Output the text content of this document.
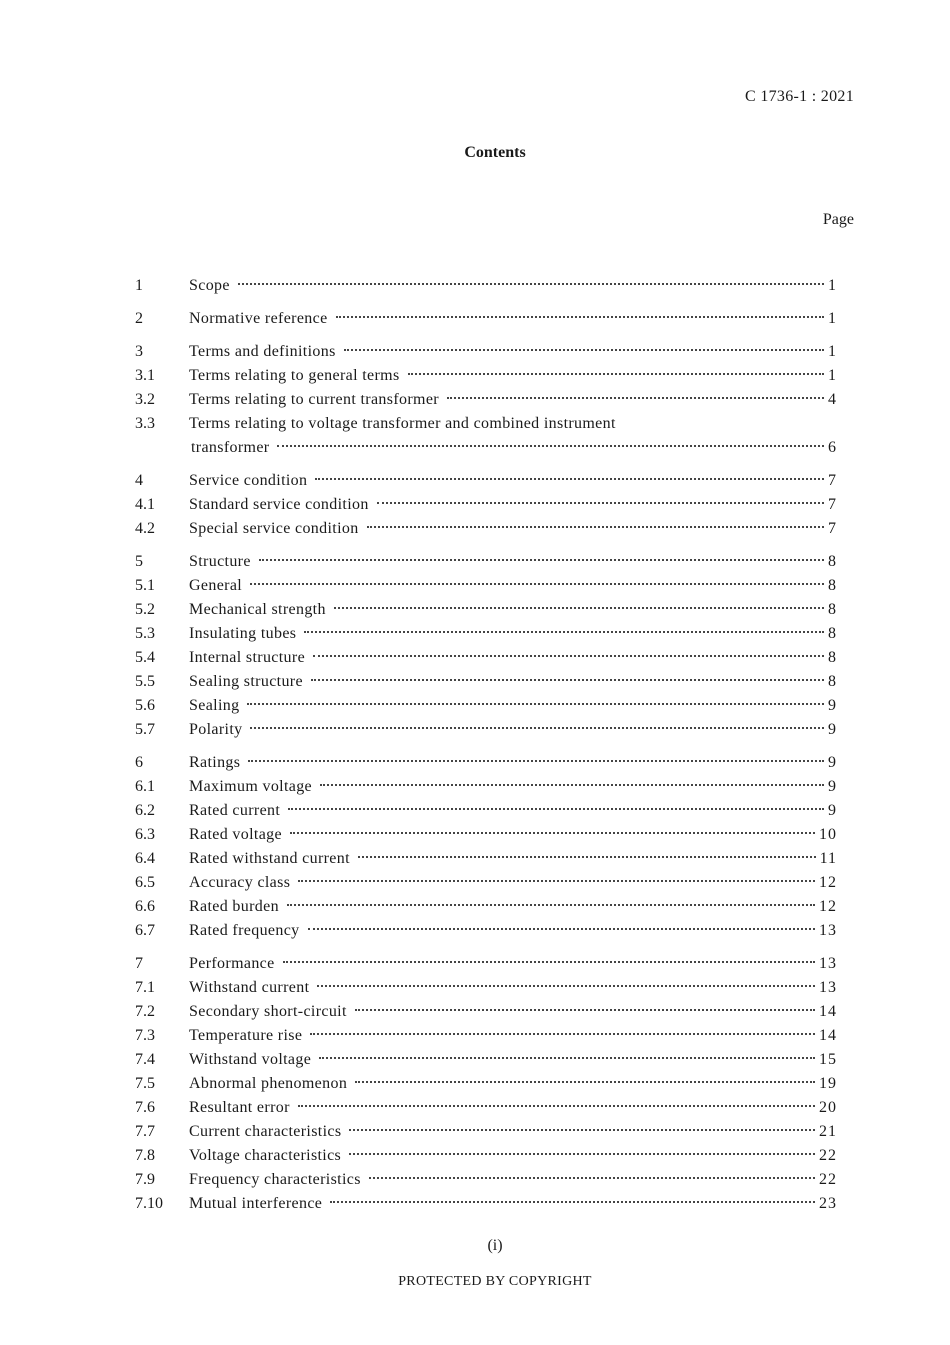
C 1736-1 : 2021
Contents
Page
1	Scope	1
2	Normative reference	1
3	Terms and definitions	1
3.1	Terms relating to general terms	1
3.2	Terms relating to current transformer	4
3.3	Terms relating to voltage transformer and combined instrument
transformer	6
4	Service condition	7
4.1	Standard service condition	7
4.2	Special service condition	7
5	Structure	8
5.1	General	8
5.2	Mechanical strength	8
5.3	Insulating tubes	8
5.4	Internal structure	8
5.5	Sealing structure	8
5.6	Sealing	9
5.7	Polarity	9
6	Ratings	9
6.1	Maximum voltage	9
6.2	Rated current	9
6.3	Rated voltage	10
6.4	Rated withstand current	11
6.5	Accuracy class	12
6.6	Rated burden	12
6.7	Rated frequency	13
7	Performance	13
7.1	Withstand current	13
7.2	Secondary short-circuit	14
7.3	Temperature rise	14
7.4	Withstand voltage	15
7.5	Abnormal phenomenon	19
7.6	Resultant error	20
7.7	Current characteristics	21
7.8	Voltage characteristics	22
7.9	Frequency characteristics	22
7.10	Mutual interference	23
(i)
PROTECTED BY COPYRIGHT
